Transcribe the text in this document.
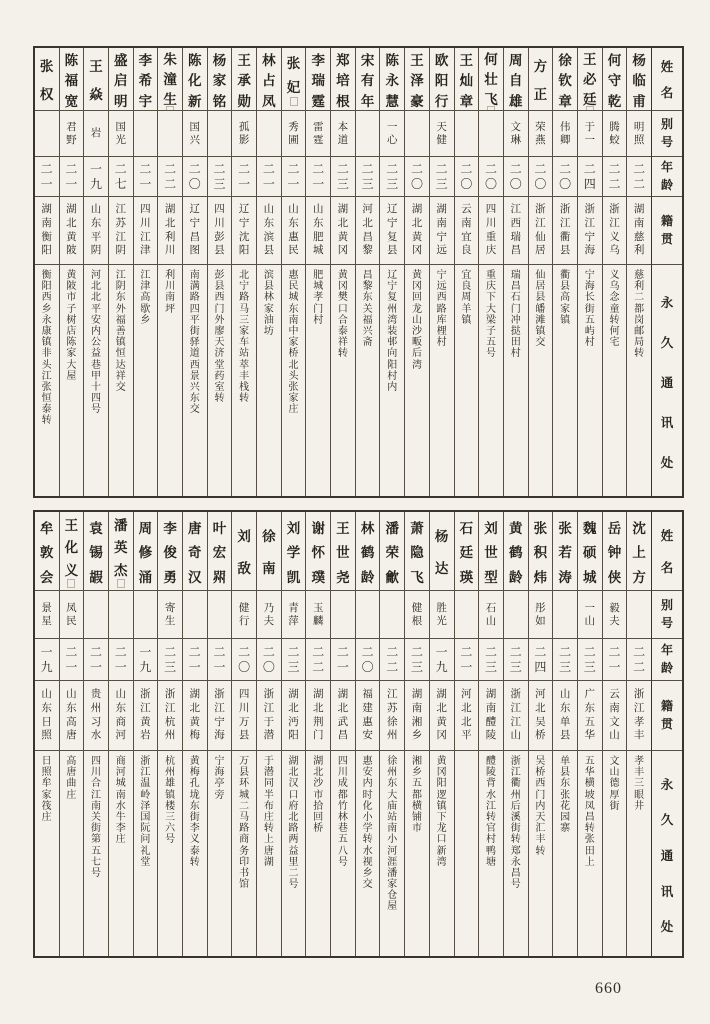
姓
名
别
号
年
龄
籍
贯
永
久
通
讯
处
杨
临
甫
明
照
二
二
湖
南
慈
利
慈
利
二
都
岗
邮
局
转
何
守
乾
腾
蛟
二
二
浙
江
义
乌
义
乌
念
童
转
何
宅
王
必
廷
于
一
二
四
浙
江
宁
海
宁
海
长
街
五
屿
村
徐
钦
章
伟
卿
二
〇
浙
江
衢
县
衢
县
高
家
镇
方
正
荣
燕
二
〇
浙
江
仙
居
仙
居
县
皤
滩
镇
交
周
自
雄
文
琳
二
〇
江
西
瑞
昌
瑞
昌
石
门
冲
挞
田
村
何
壮
飞
二
〇
四
川
重
庆
重
庆
下
大
梁
子
五
号
王
灿
章
二
〇
云
南
宜
良
宜
良
周
羊
镇
欧
阳
行
天
健
二
三
湖
南
宁
远
宁
远
西
路
库
梩
村
王
泽
豪
二
〇
湖
北
黄
冈
黄
冈
回
龙
山
沙
畈
后
湾
陈
永
慧
一
心
二
三
辽
宁
复
县
辽
宁
复
州
湾
装
邨
向
阳
村
内
宋
有
年
二
三
河
北
昌
黎
昌
黎
东
关
福
兴
斋
郑
培
根
本
道
二
三
湖
北
黄
冈
黄
冈
樊
口
合
泰
祥
转
李
瑞
霆
雷
霆
二
一
山
东
肥
城
肥
城
孝
门
村
张
妃
秀
圃
二
一
山
东
惠
民
惠
民
城
东
南
中
家
桥
北
头
张
家
庄
林
占
凤
二
一
山
东
滨
县
滨
县
林
家
油
坊
王
承
勋
孤
影
二
一
辽
宁
沈
阳
北
宁
路
马
三
家
车
站
萃
丰
栈
转
杨
家
铭
二
三
四
川
彭
县
彭
县
西
门
外
廖
天
济
堂
药
室
转
陈
化
新
国
兴
二
〇
辽
宁
昌
图
南
满
路
四
平
街
驿
道
西
景
兴
东
交
朱
潼
生
二
二
湖
北
利
川
利
川
南
坪
李
希
宇
二
一
四
川
江
津
江
津
高
歇
乡
盛
启
明
国
光
二
七
江
苏
江
阴
江
阴
东
外
福
善
镇
恒
达
祥
交
王
焱
岩
一
九
山
东
平
阴
河
北
北
平
安
内
公
益
巷
甲
十
四
号
陈
福
宽
君
野
二
一
湖
北
黄
陂
黄
陂
市
子
树
店
陈
家
大
屋
张
权
二
一
湖
南
衡
阳
衡
阳
西
乡
永
康
镇
非
头
江
张
恒
泰
转
姓
名
别
号
年
龄
籍
贯
永
久
通
讯
处
沈
上
方
二
二
浙
江
孝
丰
孝
丰
三
眼
井
岳
钟
侠
毅
夫
二
一
云
南
文
山
文
山
德
厚
街
魏
硕
城
一
山
二
三
广
东
五
华
五
华
横
坡
凤
昌
转
张
田
上
张
若
涛
二
三
山
东
单
县
单
县
东
张
花
园
寨
张
积
炜
彤
如
二
四
河
北
吴
桥
吴
桥
西
门
内
天
汇
丰
转
黄
鹤
龄
二
三
浙
江
江
山
浙
江
衢
州
后
溪
街
转
郑
永
昌
号
刘
世
型
石
山
二
三
湖
南
醴
陵
醴
陵
背
水
江
转
官
村
鸭
塘
石
廷
瑛
二
一
河
北
北
平
杨
达
胜
光
一
九
湖
北
黄
冈
黄
冈
阳
逻
镇
下
龙
口
新
湾
萧
隐
飞
健
根
二
三
湖
南
湘
乡
湘
乡
五
都
横
铺
市
潘
荣
龡
二
二
江
苏
徐
州
徐
州
东
大
庙
站
南
小
河
涯
潘
家
仓
屋
林
鹤
龄
二
〇
福
建
惠
安
惠
安
内
时
化
小
学
转
水
视
乡
交
王
世
尧
二
一
湖
北
武
昌
四
川
成
都
竹
林
巷
五
八
号
谢
怀
璞
玉
麟
二
二
湖
北
荆
门
湖
北
沙
市
拾
回
桥
刘
学
凯
青
萍
二
三
湖
北
沔
阳
湖
北
汉
口
府
北
路
两
益
里
二
号
徐
南
乃
夫
二
〇
浙
江
于
潜
于
潜
同
半
布
庄
转
上
唐
湖
刘
敌
健
行
二
〇
四
川
万
县
万
县
环
城
二
马
路
商
务
印
书
馆
叶
宏
喌
二
一
浙
江
宁
海
宁
海
亭
旁
唐
奇
汉
二
一
湖
北
黄
梅
黄
梅
孔
垅
东
街
李
义
泰
转
李
俊
勇
寄
生
二
三
浙
江
杭
州
杭
州
雄
镇
楼
三
六
号
周
修
涌
一
九
浙
江
黄
岩
浙
江
温
岭
泽
国
阮
问
礼
堂
潘
英
杰
二
一
山
东
商
河
商
河
城
南
水
牛
李
庄
袁
锡
嘏
二
一
贵
州
习
水
四
川
合
江
南
关
街
第
五
七
号
王
化
义
凤
民
二
一
山
东
高
唐
高
唐
曲
庄
牟
敦
会
景
星
一
九
山
东
日
照
日
照
牟
家
筏
庄
660
